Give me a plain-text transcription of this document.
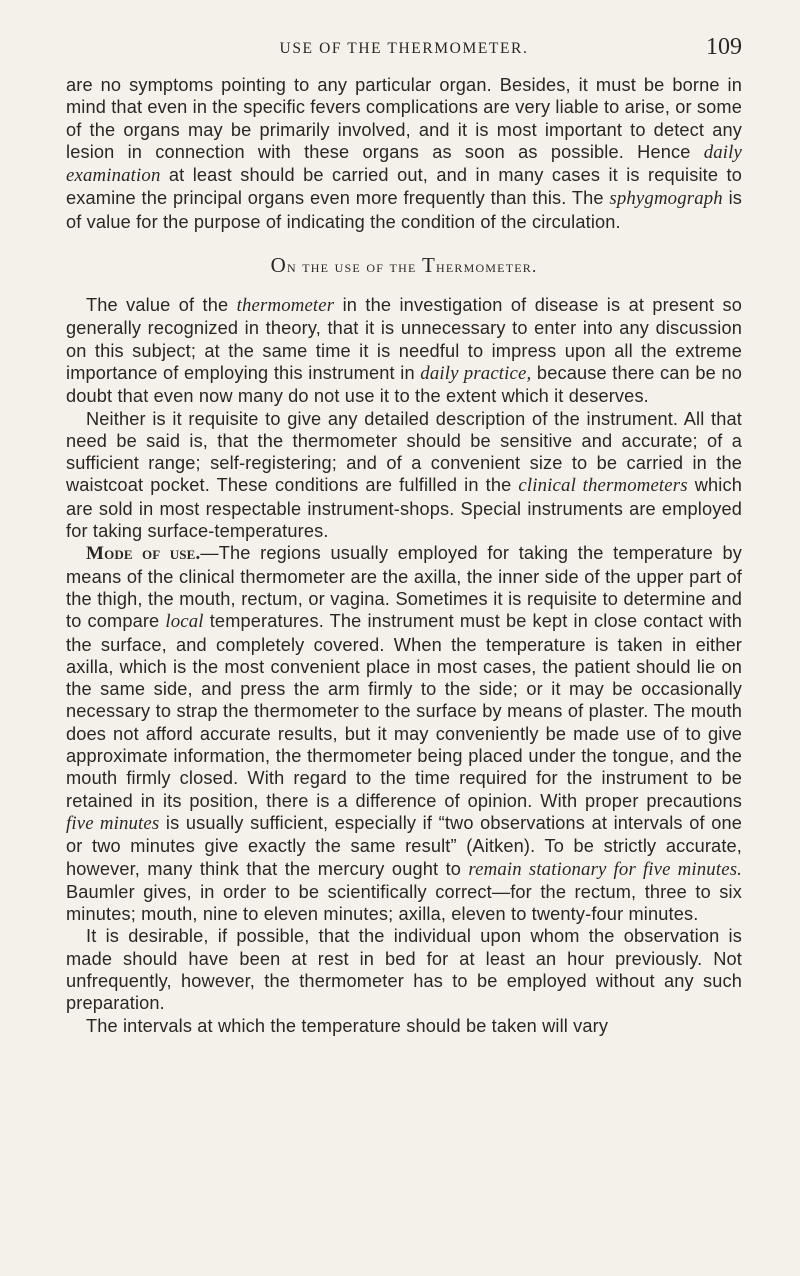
USE OF THE THERMOMETER.	109

are no symptoms pointing to any particular organ. Besides, it must be borne in mind that even in the specific fevers complications are very liable to arise, or some of the organs may be primarily involved, and it is most important to detect any lesion in connection with these organs as soon as possible. Hence daily examination at least should be carried out, and in many cases it is requisite to examine the principal organs even more frequently than this. The sphygmograph is of value for the purpose of indicating the condition of the circulation.

On the use of the Thermometer.

The value of the thermometer in the investigation of disease is at present so generally recognized in theory, that it is unnecessary to enter into any discussion on this subject; at the same time it is needful to impress upon all the extreme importance of employing this instrument in daily practice, because there can be no doubt that even now many do not use it to the extent which it deserves.

Neither is it requisite to give any detailed description of the instrument. All that need be said is, that the thermometer should be sensitive and accurate; of a sufficient range; self-registering; and of a convenient size to be carried in the waistcoat pocket. These conditions are fulfilled in the clinical thermometers which are sold in most respectable instrument-shops. Special instruments are employed for taking surface-temperatures.

Mode of use.—The regions usually employed for taking the temperature by means of the clinical thermometer are the axilla, the inner side of the upper part of the thigh, the mouth, rectum, or vagina. Sometimes it is requisite to determine and to compare local temperatures. The instrument must be kept in close contact with the surface, and completely covered. When the temperature is taken in either axilla, which is the most convenient place in most cases, the patient should lie on the same side, and press the arm firmly to the side; or it may be occasionally necessary to strap the thermometer to the surface by means of plaster. The mouth does not afford accurate results, but it may conveniently be made use of to give approximate information, the thermometer being placed under the tongue, and the mouth firmly closed. With regard to the time required for the instrument to be retained in its position, there is a difference of opinion. With proper precautions five minutes is usually sufficient, especially if “two observations at intervals of one or two minutes give exactly the same result” (Aitken). To be strictly accurate, however, many think that the mercury ought to remain stationary for five minutes. Baumler gives, in order to be scientifically correct—for the rectum, three to six minutes; mouth, nine to eleven minutes; axilla, eleven to twenty-four minutes.

It is desirable, if possible, that the individual upon whom the observation is made should have been at rest in bed for at least an hour previously. Not unfrequently, however, the thermometer has to be employed without any such preparation.

The intervals at which the temperature should be taken will vary
